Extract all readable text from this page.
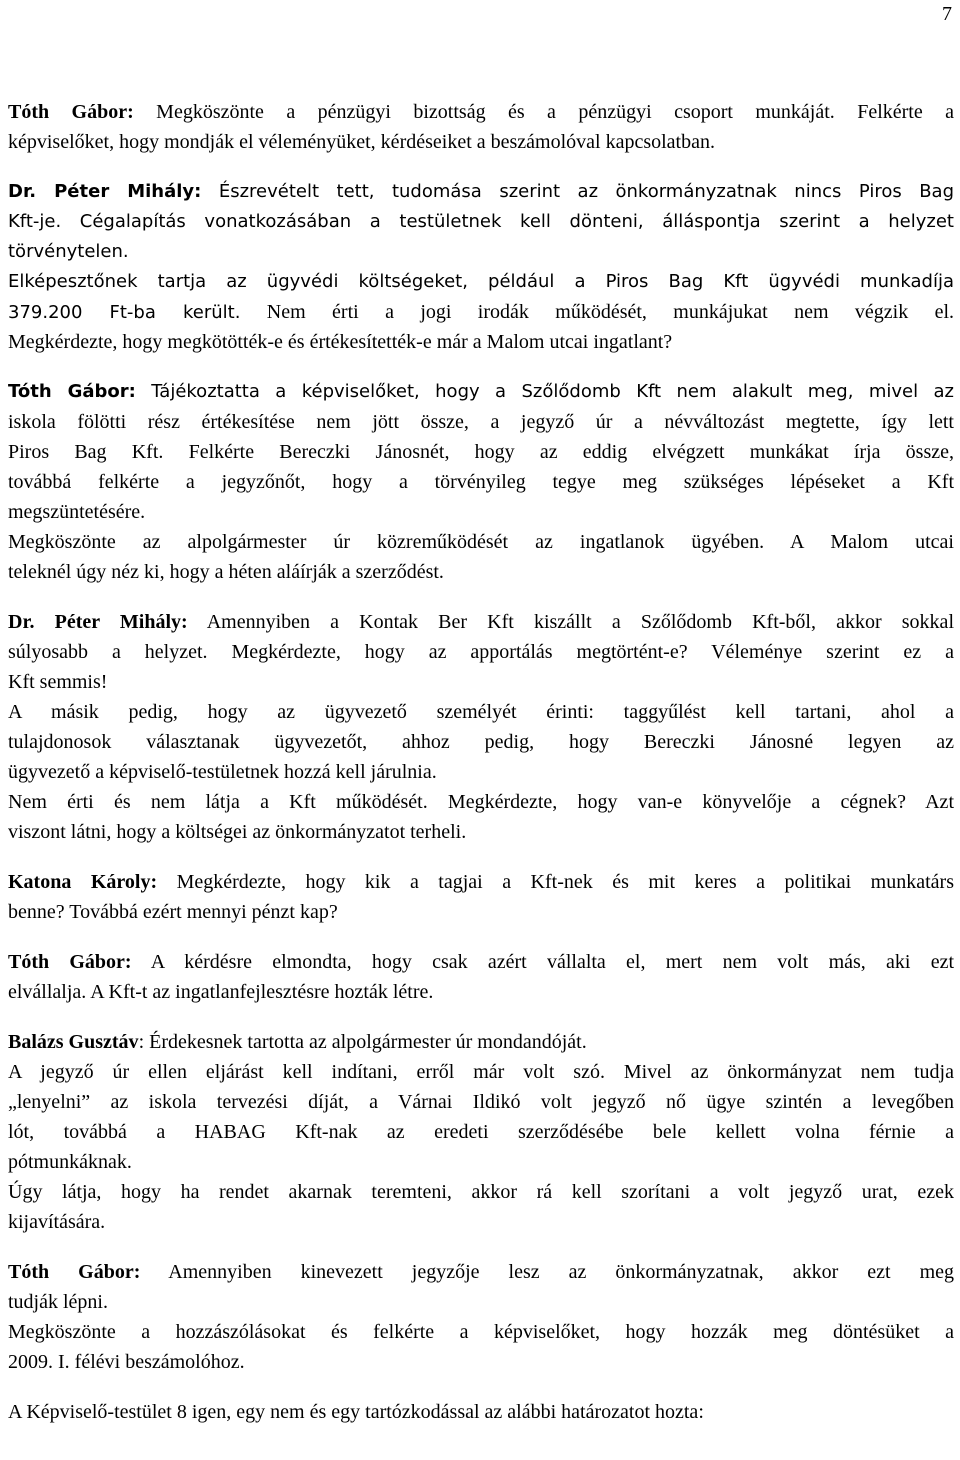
7
Tóth Gábor: Megköszönte a pénzügyi bizottság és a pénzügyi csoport munkáját. Felkérte a
képviselőket, hogy mondják el véleményüket, kérdéseiket a beszámolóval kapcsolatban.
Dr. Péter Mihály: Észrevételt tett, tudomása szerint az önkormányzatnak nincs Piros Bag
Kft-je. Cégalapítás vonatkozásában a testületnek kell dönteni, álláspontja szerint a helyzet
törvénytelen.
Elképesztőnek tartja az ügyvédi költségeket, például a Piros Bag Kft ügyvédi munkadíja
379.200 Ft-ba került. Nem érti a jogi irodák működését, munkájukat nem végzik el.
Megkérdezte, hogy megkötötték-e és értékesítették-e már a Malom utcai ingatlant?
Tóth Gábor: Tájékoztatta a képviselőket, hogy a Szőlődomb Kft nem alakult meg, mivel az
iskola fölötti rész értékesítése nem jött össze, a jegyző úr a névváltozást megtette, így lett
Piros Bag Kft. Felkérte Bereczki Jánosnét, hogy az eddig elvégzett munkákat írja össze,
továbbá felkérte a jegyzőnőt, hogy a törvényileg tegye meg szükséges lépéseket a Kft
megszüntetésére.
Megköszönte az alpolgármester úr közreműködését az ingatlanok ügyében. A Malom utcai
teleknél úgy néz ki, hogy a héten aláírják a szerződést.
Dr. Péter Mihály: Amennyiben a Kontak Ber Kft kiszállt a Szőlődomb Kft-ből, akkor sokkal
súlyosabb a helyzet. Megkérdezte, hogy az apportálás megtörtént-e? Véleménye szerint ez a
Kft semmis!
A másik pedig, hogy az ügyvezető személyét érinti: taggyűlést kell tartani, ahol a
tulajdonosok választanak ügyvezetőt, ahhoz pedig, hogy Bereczki Jánosné legyen az
ügyvezető a képviselő-testületnek hozzá kell járulnia.
Nem érti és nem látja a Kft működését. Megkérdezte, hogy van-e könyvelője a cégnek? Azt
viszont látni, hogy a költségei az önkormányzatot terheli.
Katona Károly: Megkérdezte, hogy kik a tagjai a Kft-nek és mit keres a politikai munkatárs
benne? Továbbá ezért mennyi pénzt kap?
Tóth Gábor: A kérdésre elmondta, hogy csak azért vállalta el, mert nem volt más, aki ezt
elvállalja. A Kft-t az ingatlanfejlesztésre hozták létre.
Balázs Gusztáv: Érdekesnek tartotta az alpolgármester úr mondandóját.
A jegyző úr ellen eljárást kell indítani, erről már volt szó. Mivel az önkormányzat nem tudja
„lenyelni” az iskola tervezési díját, a Várnai Ildikó volt jegyző nő ügye szintén a levegőben
lót, továbbá a HABAG Kft-nak az eredeti szerződésébe bele kellett volna férnie a
pótmunkáknak.
Úgy látja, hogy ha rendet akarnak teremteni, akkor rá kell szorítani a volt jegyző urat, ezek
kijavítására.
Tóth Gábor: Amennyiben kinevezett jegyzője lesz az önkormányzatnak, akkor ezt meg
tudják lépni.
Megköszönte a hozzászólásokat és felkérte a képviselőket, hogy hozzák meg döntésüket a
2009. I. félévi beszámolóhoz.
A Képviselő-testület 8 igen, egy nem és egy tartózkodással az alábbi határozatot hozta:
